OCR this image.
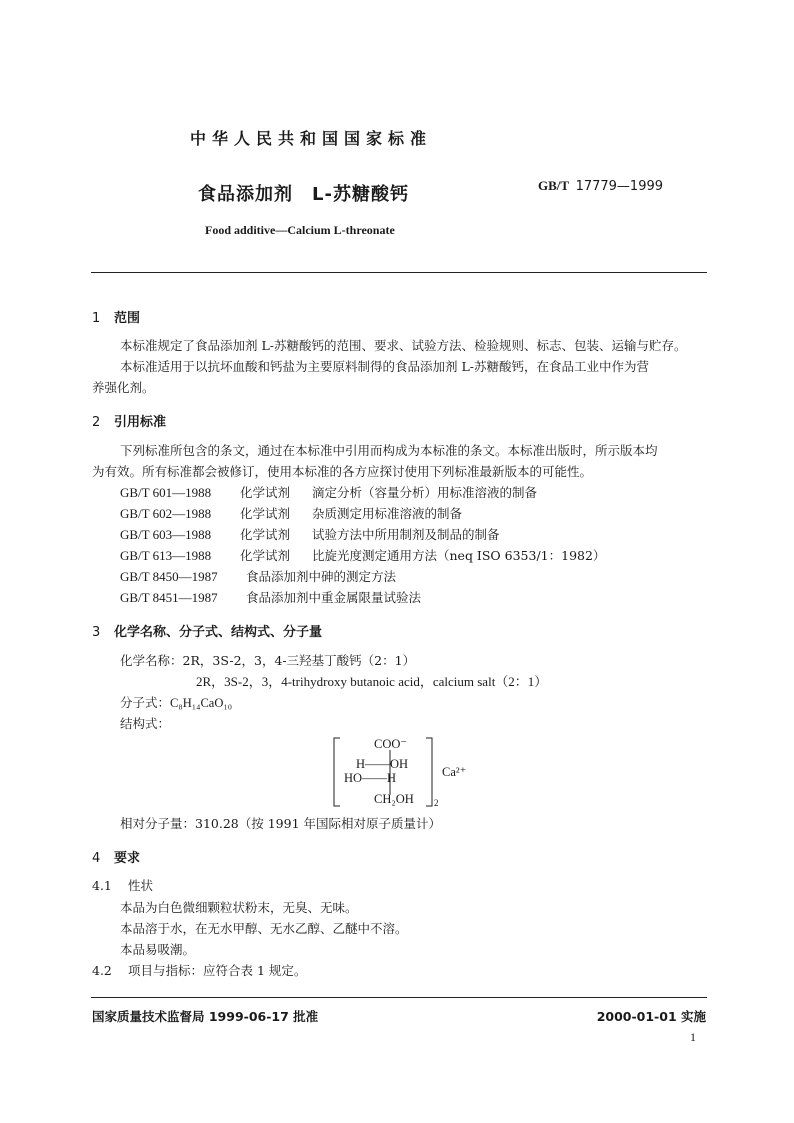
中华人民共和国国家标准
食品添加剂　L-苏糖酸钙	GB/T 17779—1999
Food additive—Calcium L-threonate
1 范围
本标准规定了食品添加剂 L-苏糖酸钙的范围、要求、试验方法、检验规则、标志、包装、运输与贮存。
本标准适用于以抗坏血酸和钙盐为主要原料制得的食品添加剂 L-苏糖酸钙，在食品工业中作为营
养强化剂。
2 引用标准
下列标准所包含的条文，通过在本标准中引用而构成为本标准的条文。本标准出版时，所示版本均
为有效。所有标准都会被修订，使用本标准的各方应探讨使用下列标准最新版本的可能性。
GB/T 601—1988 化学试剂 滴定分析（容量分析）用标准溶液的制备
GB/T 602—1988 化学试剂 杂质测定用标准溶液的制备
GB/T 603—1988 化学试剂 试验方法中所用制剂及制品的制备
GB/T 613—1988 化学试剂 比旋光度测定通用方法（neq ISO 6353/1：1982）
GB/T 8450—1987 食品添加剂中砷的测定方法
GB/T 8451—1987 食品添加剂中重金属限量试验法
3 化学名称、分子式、结构式、分子量
化学名称：2R，3S-2，3，4-三羟基丁酸钙（2：1）
2R，3S-2，3，4-trihydroxy butanoic acid，calcium salt（2：1）
分子式：C₈H₁₄CaO₁₀
结构式：
COO⁻
H——OH
HO——H
CH₂OH 2
Ca²⁺
相对分子量：310.28（按 1991 年国际相对原子质量计）
4 要求
4.1 性状
本品为白色微细颗粒状粉末，无臭、无味。
本品溶于水，在无水甲醇、无水乙醇、乙醚中不溶。
本品易吸潮。
4.2 项目与指标：应符合表 1 规定。
国家质量技术监督局 1999-06-17 批准	2000-01-01 实施
1
